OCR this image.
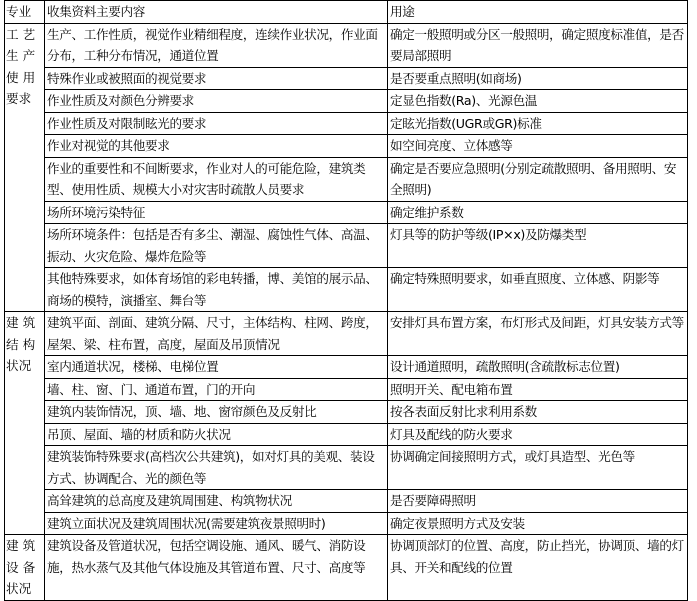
专业	收集资料主要内容	用途
工 艺生 产使 用要求	生产、工作性质，视觉作业精细程度，连续作业状况，作业面分布，工种分布情况，通道位置	确定一般照明或分区一般照明，确定照度标准值，是否要局部照明
	特殊作业或被照面的视觉要求	是否要重点照明(如商场)
	作业性质及对颜色分辨要求	定显色指数(Ra)、光源色温
	作业性质及对限制眩光的要求	定眩光指数(UGR或GR)标准
	作业对视觉的其他要求	如空间亮度、立体感等
	作业的重要性和不间断要求，作业对人的可能危险，建筑类型、使用性质、规模大小对灾害时疏散人员要求	确定是否要应急照明(分别定疏散照明、备用照明、安全照明)
	场所环境污染特征	确定维护系数
	场所环境条件：包括是否有多尘、潮湿、腐蚀性气体、高温、振动、火灾危险、爆炸危险等	灯具等的防护等级(IP×x)及防爆类型
	其他特殊要求，如体育场馆的彩电转播，博、美馆的展示品、商场的模特，演播室、舞台等	确定特殊照明要求，如垂直照度、立体感、阴影等
建 筑结 构状况	建筑平面、剖面、建筑分隔、尺寸，主体结构、柱网、跨度，屋架、梁、柱布置，高度，屋面及吊顶情况	安排灯具布置方案，布灯形式及间距，灯具安装方式等
	室内通道状况，楼梯、电梯位置	设计通道照明，疏散照明(含疏散标志位置)
	墙、柱、窗、门、通道布置，门的开向	照明开关、配电箱布置
	建筑内装饰情况，顶、墙、地、窗帘颜色及反射比	按各表面反射比求利用系数
	吊顶、屋面、墙的材质和防火状况	灯具及配线的防火要求
	建筑装饰特殊要求(高档次公共建筑)，如对灯具的美观、装设方式、协调配合、光的颜色等	协调确定间接照明方式，或灯具造型、光色等
	高耸建筑的总高度及建筑周围建、构筑物状况	是否要障碍照明
	建筑立面状况及建筑周围状况(需要建筑夜景照明时)	确定夜景照明方式及安装
建 筑设 备状况	建筑设备及管道状况，包括空调设施、通风、暖气、消防设施，热水蒸气及其他气体设施及其管道布置、尺寸、高度等	协调顶部灯的位置、高度，防止挡光，协调顶、墙的灯具、开关和配线的位置
